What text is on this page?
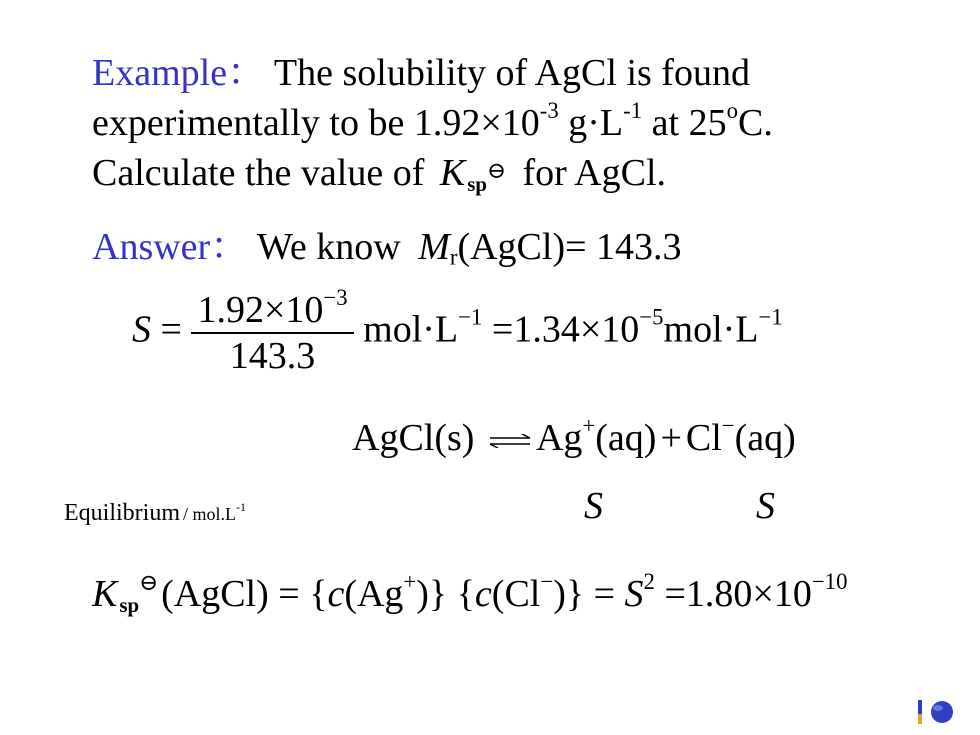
Example： The solubility of AgCl is found
experimentally to be $1.92\times 10^{-3}$ $g\cdot L^{-1}$ at 25$^o$C.
Calculate the value of K ⊖
sp for AgCl.
Answer： We know $M_r(AgCl)= 143.3$
$S = \frac{1.92\times 10^{-3}}{143.3} mol\cdot L^{-1} =1.34\times 10^{-5}mol\cdot L^{-1}$
AgCl(s) ⇌ Ag+(aq) + Cl−(aq)
Equilibrium / $mol.L^{-1}$	S	S
K ⊖
sp (AgCl) = {c(Ag+)} $\{c(Cl^-)\} = S^2 =1.80\times 10^{-10}$
